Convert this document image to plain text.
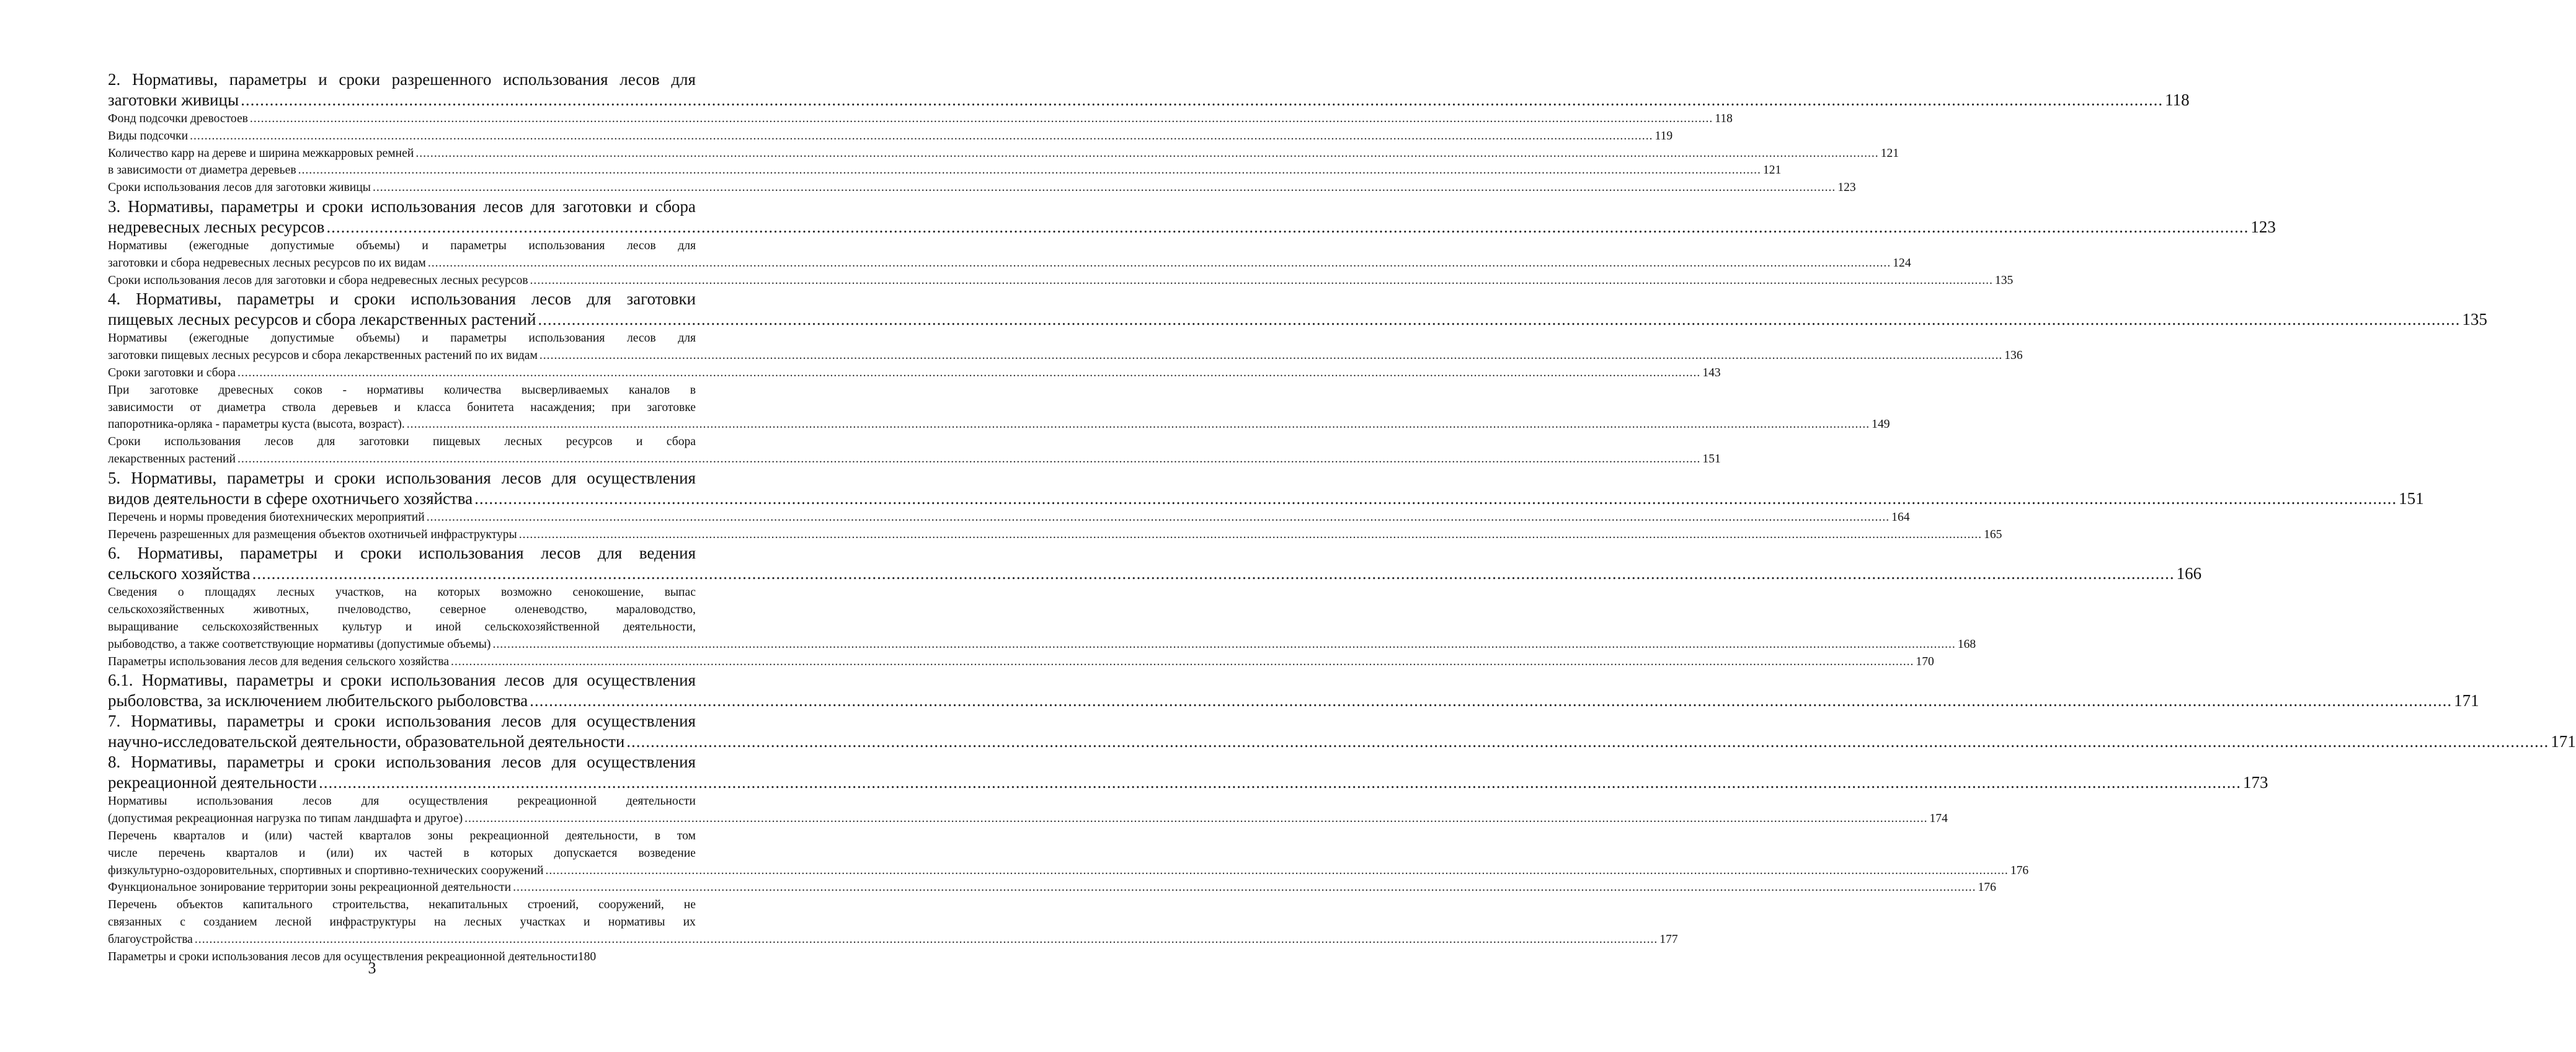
2. Нормативы, параметры и сроки разрешенного использования лесов для
заготовки живицы ................................................................................................................................................................................................................................................................................................................................................................................................................ 118
Фонд подсочки древостоев ................................................................................................................................................................................................................................................................................................................................................................................................................ 118
Виды подсочки ................................................................................................................................................................................................................................................................................................................................................................................................................ 119
Количество карр на дереве и ширина межкарровых ремней ................................................................................................................................................................................................................................................................................................................................................................................................................ 121
в зависимости от диаметра деревьев ................................................................................................................................................................................................................................................................................................................................................................................................................ 121
Сроки использования лесов для заготовки живицы ................................................................................................................................................................................................................................................................................................................................................................................................................ 123
3. Нормативы, параметры и сроки использования лесов для заготовки и сбора
недревесных лесных ресурсов ................................................................................................................................................................................................................................................................................................................................................................................................................ 123
Нормативы (ежегодные допустимые объемы) и параметры использования лесов для
заготовки и сбора недревесных лесных ресурсов по их видам ................................................................................................................................................................................................................................................................................................................................................................................................................ 124
Сроки использования лесов для заготовки и сбора недревесных лесных ресурсов ................................................................................................................................................................................................................................................................................................................................................................................................................ 135
4. Нормативы, параметры и сроки использования лесов для заготовки
пищевых лесных ресурсов и сбора лекарственных растений ................................................................................................................................................................................................................................................................................................................................................................................................................ 135
Нормативы (ежегодные допустимые объемы) и параметры использования лесов для
заготовки пищевых лесных ресурсов и сбора лекарственных растений по их видам ................................................................................................................................................................................................................................................................................................................................................................................................................ 136
Сроки заготовки и сбора ................................................................................................................................................................................................................................................................................................................................................................................................................ 143
При заготовке древесных соков - нормативы количества высверливаемых каналов в
зависимости от диаметра ствола деревьев и класса бонитета насаждения; при заготовке
папоротника-орляка - параметры куста (высота, возраст). ................................................................................................................................................................................................................................................................................................................................................................................................................ 149
Сроки использования лесов для заготовки пищевых лесных ресурсов и сбора
лекарственных растений ................................................................................................................................................................................................................................................................................................................................................................................................................ 151
5. Нормативы, параметры и сроки использования лесов для осуществления
видов деятельности в сфере охотничьего хозяйства ................................................................................................................................................................................................................................................................................................................................................................................................................ 151
Перечень и нормы проведения биотехнических мероприятий ................................................................................................................................................................................................................................................................................................................................................................................................................ 164
Перечень разрешенных для размещения объектов охотничьей инфраструктуры ................................................................................................................................................................................................................................................................................................................................................................................................................ 165
6. Нормативы, параметры и сроки использования лесов для ведения
сельского хозяйства ................................................................................................................................................................................................................................................................................................................................................................................................................ 166
Сведения о площадях лесных участков, на которых возможно сенокошение, выпас
сельскохозяйственных животных, пчеловодство, северное оленеводство, мараловодство,
выращивание сельскохозяйственных культур и иной сельскохозяйственной деятельности,
рыбоводство, а также соответствующие нормативы (допустимые объемы) ................................................................................................................................................................................................................................................................................................................................................................................................................ 168
Параметры использования лесов для ведения сельского хозяйства ................................................................................................................................................................................................................................................................................................................................................................................................................ 170
6.1. Нормативы, параметры и сроки использования лесов для осуществления
рыболовства, за исключением любительского рыболовства ................................................................................................................................................................................................................................................................................................................................................................................................................ 171
7. Нормативы, параметры и сроки использования лесов для осуществления
научно-исследовательской деятельности, образовательной деятельности ................................................................................................................................................................................................................................................................................................................................................................................................................ 171
8. Нормативы, параметры и сроки использования лесов для осуществления
рекреационной деятельности ................................................................................................................................................................................................................................................................................................................................................................................................................ 173
Нормативы использования лесов для осуществления рекреационной деятельности
(допустимая рекреационная нагрузка по типам ландшафта и другое) ................................................................................................................................................................................................................................................................................................................................................................................................................ 174
Перечень кварталов и (или) частей кварталов зоны рекреационной деятельности, в том
числе перечень кварталов и (или) их частей в которых допускается возведение
физкультурно-оздоровительных, спортивных и спортивно-технических сооружений ................................................................................................................................................................................................................................................................................................................................................................................................................ 176
Функциональное зонирование территории зоны рекреационной деятельности ................................................................................................................................................................................................................................................................................................................................................................................................................ 176
Перечень объектов капитального строительства, некапитальных строений, сооружений, не
связанных с созданием лесной инфраструктуры на лесных участках и нормативы их
благоустройства ................................................................................................................................................................................................................................................................................................................................................................................................................ 177
Параметры и сроки использования лесов для осуществления рекреационной деятельности 180
3
